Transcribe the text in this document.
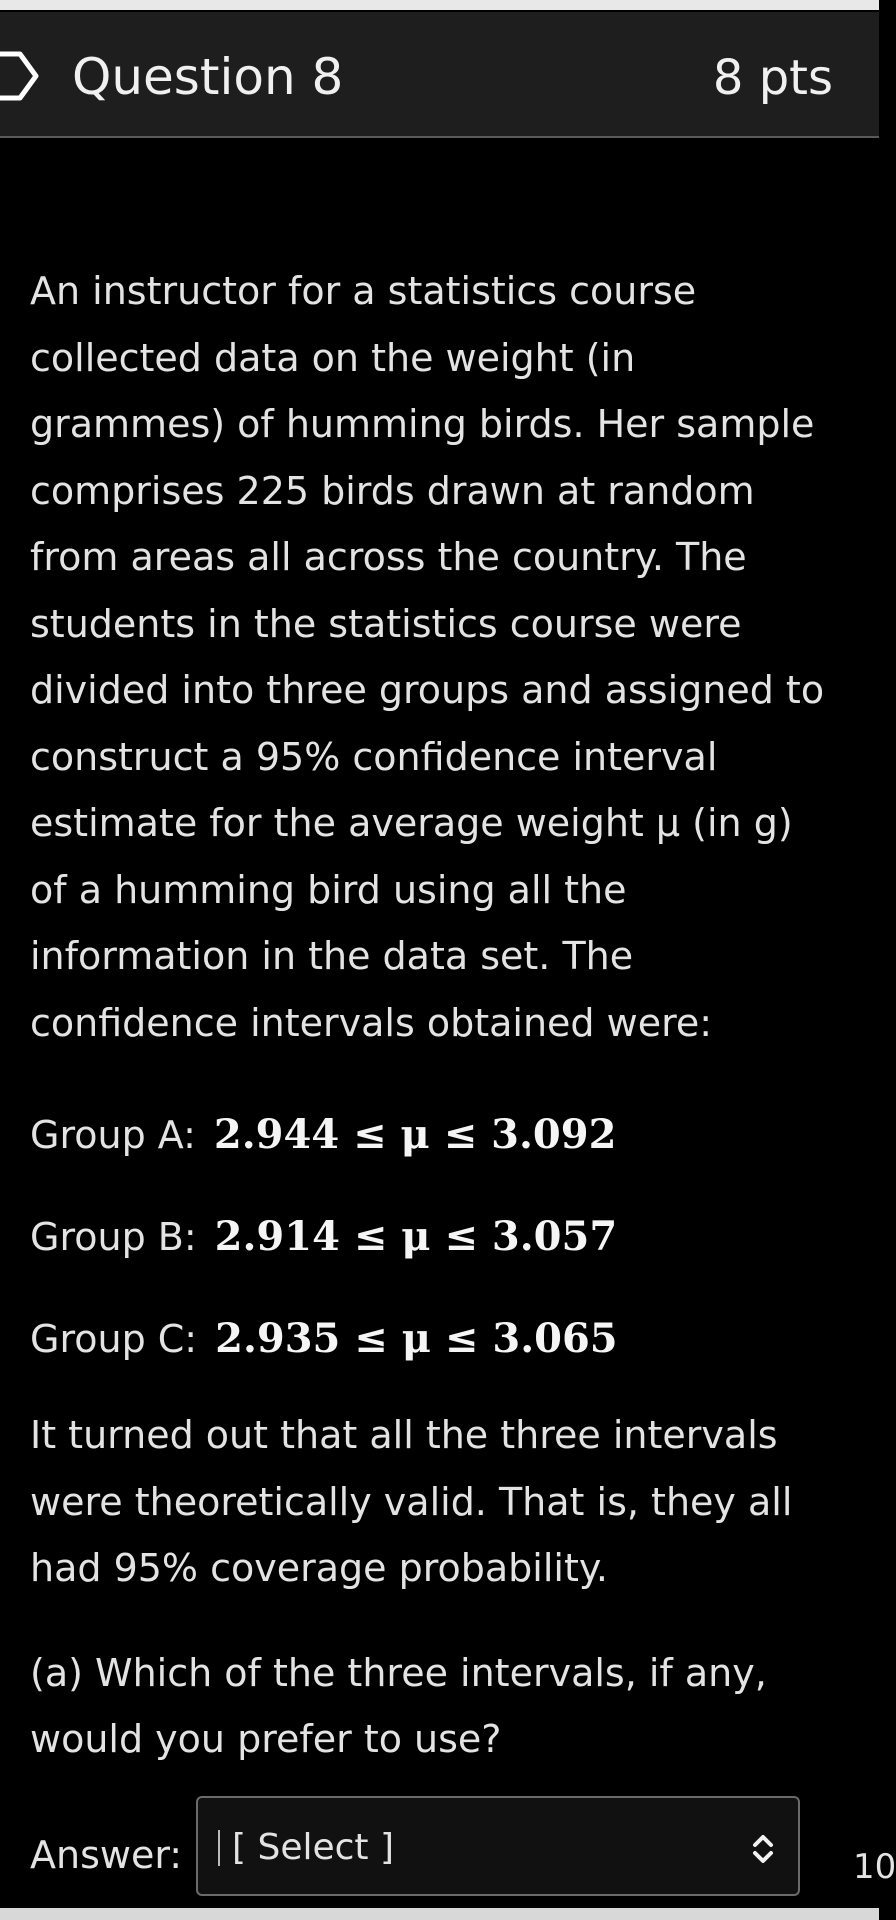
Question 8	8 pts

An instructor for a statistics course collected data on the weight (in grammes) of humming birds. Her sample comprises 225 birds drawn at random from areas all across the country. The students in the statistics course were divided into three groups and assigned to construct a 95% confidence interval estimate for the average weight μ (in g) of a humming bird using all the information in the data set. The confidence intervals obtained were:

Group A: 2.944 ≤ μ ≤ 3.092
Group B: 2.914 ≤ μ ≤ 3.057
Group C: 2.935 ≤ μ ≤ 3.065

It turned out that all the three intervals were theoretically valid. That is, they all had 95% coverage probability.

(a) Which of the three intervals, if any, would you prefer to use?

Answer:	[ Select ]	10
